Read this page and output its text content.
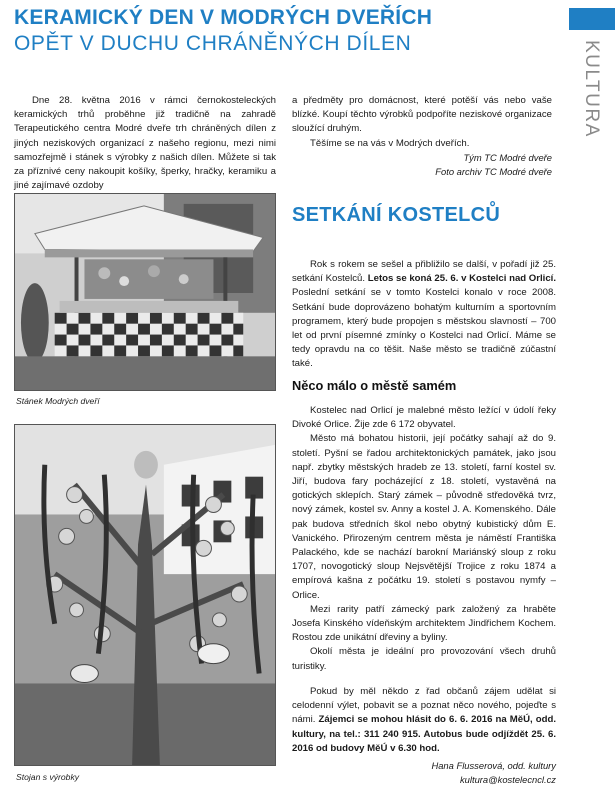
KERAMICKÝ DEN V MODRÝCH DVEŘÍCH
OPĚT V DUCHU CHRÁNĚNÝCH DÍLEN	KULTURA

Dne 28. května 2016 v rámci černokosteleckých keramických trhů proběhne již tradičně na zahradě Terapeutického centra Modré dveře trh chráněných dílen z jiných neziskových organizací z našeho regionu, mezi nimi samozřejmě i stánek s výrobky z našich dílen. Můžete si tak za příznivé ceny nakoupit košíky, šperky, hračky, keramiku a jiné zajímavé ozdoby

a předměty pro domácnost, které potěší vás nebo vaše blízké. Koupí těchto výrobků podpoříte neziskové organizace sloužící druhým.

Těšíme se na vás v Modrých dveřích.

Tým TC Modré dveře

Foto archiv TC Modré dveře

Stánek Modrých dveří
Stojan s výrobky
SETKÁNÍ KOSTELCŮ

Rok s rokem se sešel a přibližilo se další, v pořadí již 25. setkání Kostelců. Letos se koná 25. 6. v Kostelci nad Orlicí. Poslední setkání se v tomto Kostelci konalo v roce 2008. Setkání bude doprovázeno bohatým kulturním a sportovním programem, který bude propojen s městskou slavností – 700 let od první písemné zmínky o Kostelci nad Orlicí. Máme se tedy opravdu na co těšit. Naše město se tradičně zúčastní také.

Něco málo o městě samém

Kostelec nad Orlicí je malebné město ležící v údolí řeky Divoké Orlice. Žije zde 6 172 obyvatel.

Město má bohatou historii, její počátky sahají až do 9. století. Pyšní se řadou architektonických památek, jako jsou např. zbytky městských hradeb ze 13. století, farní kostel sv. Jiří, budova fary pocházející z 18. století, vystavěná na gotických sklepích. Starý zámek – původně středověká tvrz, nový zámek, kostel sv. Anny a kostel J. A. Komenského. Dále pak budova středních škol nebo obytný kubistický dům E. Vanického. Přirozeným centrem města je náměstí Františka Palackého, kde se nachází barokní Mariánský sloup z roku 1707, novogotický sloup Nejsvětější Trojice z roku 1874 a empírová kašna z počátku 19. století s postavou nymfy –Orlice.

Mezi rarity patří zámecký park založený za hraběte Josefa Kinského vídeňským architektem Jindřichem Kochem. Rostou zde unikátní dřeviny a byliny.

Okolí města je ideální pro provozování všech druhů turistiky.

Pokud by měl někdo z řad občanů zájem udělat si celodenní výlet, pobavit se a poznat něco nového, pojeďte s námi. Zájemci se mohou hlásit do 6. 6. 2016 na MěÚ, odd. kultury, na tel.: 311 240 915. Autobus bude odjíždět 25. 6. 2016 od budovy MěÚ v 6.30 hod.

Hana Flusserová, odd. kultury

kultura@kostelecncl.cz
